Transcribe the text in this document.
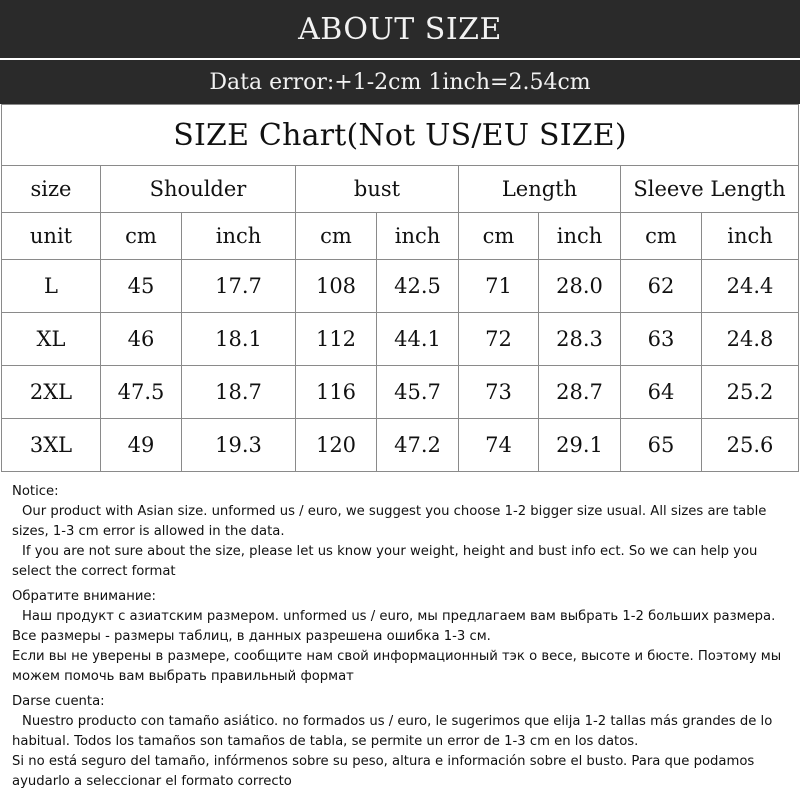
ABOUT SIZE
Data error:+1-2cm 1inch=2.54cm
SIZE Chart(Not US/EU SIZE)								
size	Shoulder		bust		Length		Sleeve Length	
unit	cm	inch	cm	inch	cm	inch	cm	inch
L	45	17.7	108	42.5	71	28.0	62	24.4
XL	46	18.1	112	44.1	72	28.3	63	24.8
2XL	47.5	18.7	116	45.7	73	28.7	64	25.2
3XL	49	19.3	120	47.2	74	29.1	65	25.6

Notice:

Our product with Asian size. unformed us / euro, we suggest you choose 1-2 bigger size usual. All sizes are table sizes, 1-3 cm error is allowed in the data.

If you are not sure about the size, please let us know your weight, height and bust info ect. So we can help you select the correct format

Обратите внимание:

Наш продукт с азиатским размером. unformed us / euro, мы предлагаем вам выбрать 1-2 больших размера. Все размеры - размеры таблиц, в данных разрешена ошибка 1-3 см.

Если вы не уверены в размере, сообщите нам свой информационный тэк о весе, высоте и бюсте. Поэтому мы можем помочь вам выбрать правильный формат

Darse cuenta:

Nuestro producto con tamaño asiático. no formados us / euro, le sugerimos que elija 1-2 tallas más grandes de lo habitual. Todos los tamaños son tamaños de tabla, se permite un error de 1-3 cm en los datos.

Si no está seguro del tamaño, infórmenos sobre su peso, altura e información sobre el busto. Para que podamos ayudarlo a seleccionar el formato correcto
